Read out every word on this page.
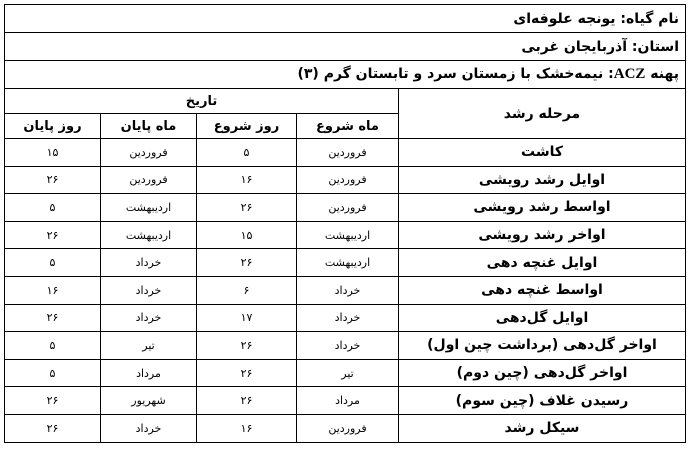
نام گیاه: یونجه علوفه‌ای				
استان: آذربایجان غربی				
پهنه ACZ: نیمه‌خشک با زمستان سرد و تابستان گرم (۳)				
مرحله رشد	تاریخ			
	ماه شروع	روز شروع	ماه پایان	روز پایان
کاشت	فروردین	۵	فروردین	۱۵
اوایل رشد رویشی	فروردین	۱۶	فروردین	۲۶
اواسط رشد رویشی	فروردین	۲۶	اردیبهشت	۵
اواخر رشد رویشی	اردیبهشت	۱۵	اردیبهشت	۲۶
اوایل غنچه دهی	اردیبهشت	۲۶	خرداد	۵
اواسط غنچه دهی	خرداد	۶	خرداد	۱۶
اوایل گل‌دهی	خرداد	۱۷	خرداد	۲۶
اواخر گل‌دهی (برداشت چین اول)	خرداد	۲۶	تیر	۵
اواخر گل‌دهی (چین دوم)	تیر	۲۶	مرداد	۵
رسیدن غلاف (چین سوم)	مرداد	۲۶	شهریور	۲۶
سیکل رشد	فروردین	۱۶	خرداد	۲۶
